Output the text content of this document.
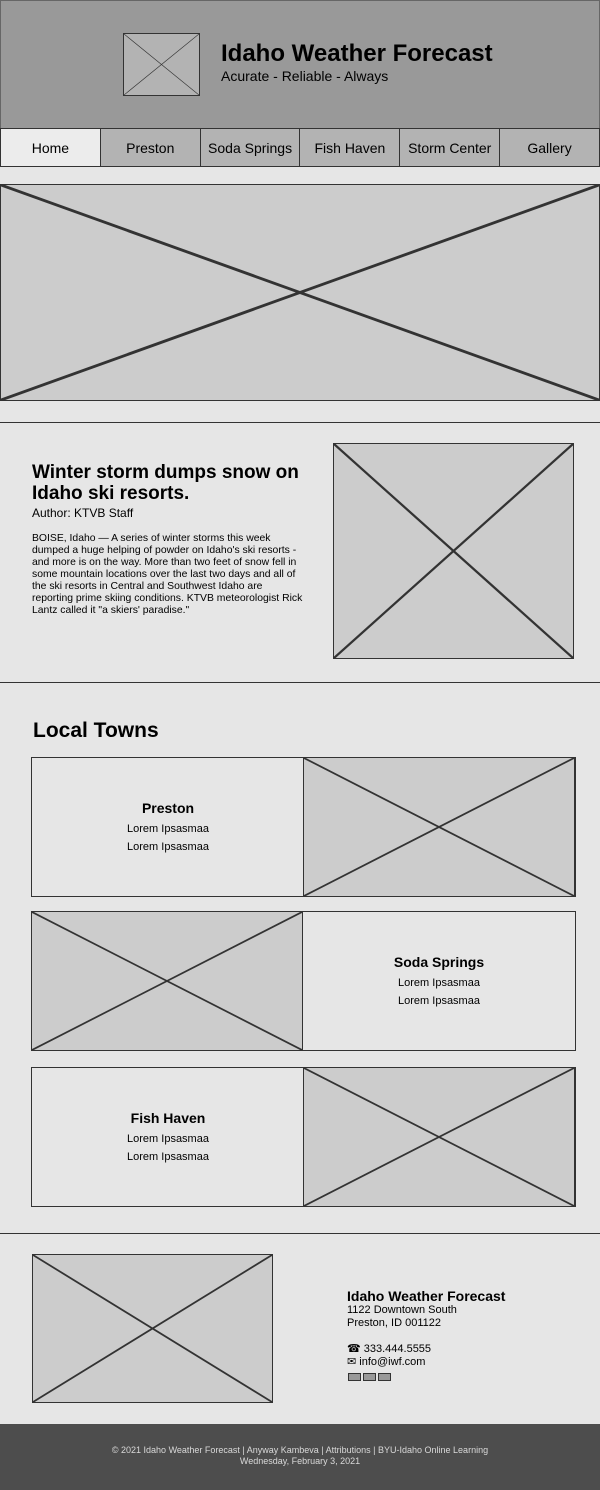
Idaho Weather Forecast
Acurate - Reliable - Always
Home	Preston	Soda Springs	Fish Haven	Storm Center	Gallery
Winter storm dumps snow on Idaho ski resorts.
Author: KTVB Staff
BOISE, Idaho — A series of winter storms this week dumped a huge helping of powder on Idaho's ski resorts - and more is on the way. More than two feet of snow fell in some mountain locations over the last two days and all of the ski resorts in Central and Southwest Idaho are reporting prime skiing conditions. KTVB meteorologist Rick Lantz called it "a skiers' paradise."
Local Towns
Preston
Lorem Ipsasmaa
Lorem Ipsasmaa
Soda Springs
Lorem Ipsasmaa
Lorem Ipsasmaa
Fish Haven
Lorem Ipsasmaa
Lorem Ipsasmaa
Idaho Weather Forecast
1122 Downtown South
Preston, ID 001122
☎ 333.444.5555
✉ info@iwf.com
© 2021 Idaho Weather Forecast | Anyway Kambeva | Attributions | BYU-Idaho Online Learning
Wednesday, February 3, 2021
